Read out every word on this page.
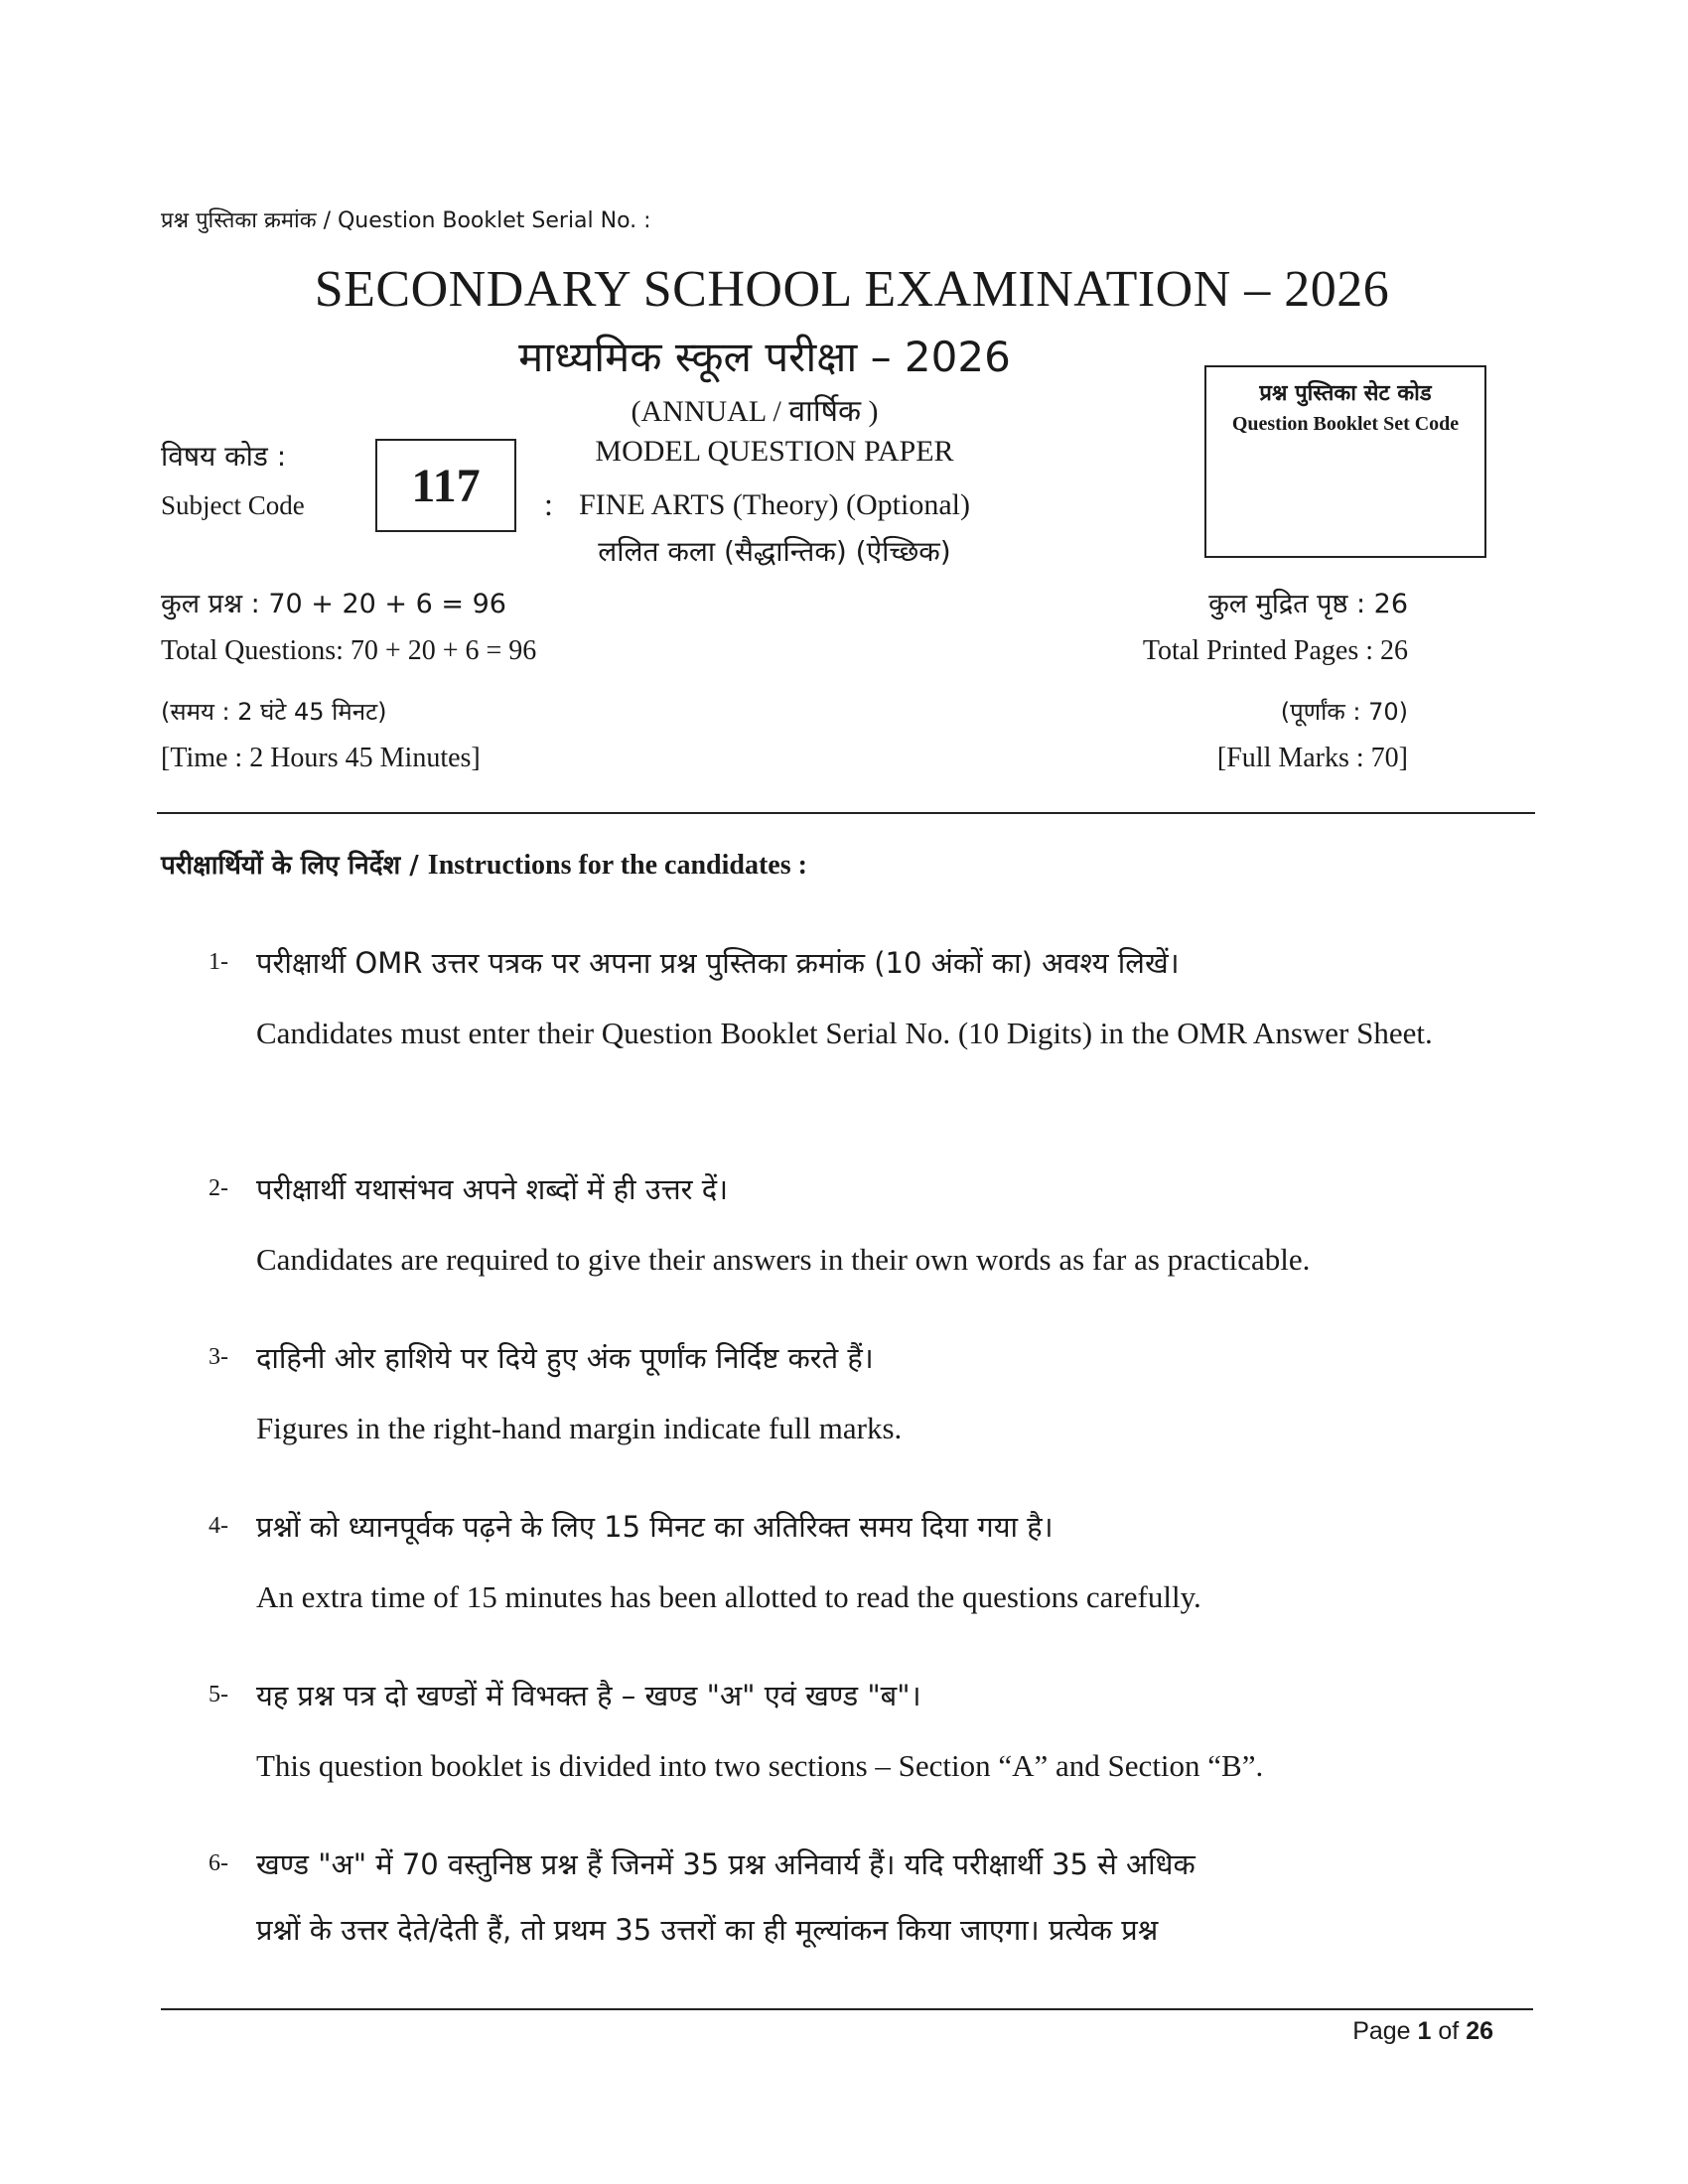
प्रश्न पुस्तिका क्रमांक / Question Booklet Serial No. :
SECONDARY SCHOOL EXAMINATION – 2026
माध्यमिक स्कूल परीक्षा – 2026
(ANNUAL / वार्षिक )
प्रश्न पुस्तिका सेट कोड
Question Booklet Set Code
विषय कोड :
Subject Code	117	:
MODEL QUESTION PAPER
FINE ARTS (Theory) (Optional)
ललित कला (सैद्धान्तिक) (ऐच्छिक)
कुल प्रश्न : 70 + 20 + 6 = 96
Total Questions: 70 + 20 + 6 = 96
(समय : 2 घंटे 45 मिनट)
[Time : 2 Hours 45 Minutes]
कुल मुद्रित पृष्ठ : 26
Total Printed Pages : 26
(पूर्णांक : 70)
[Full Marks : 70]
परीक्षार्थियों के लिए निर्देश / Instructions for the candidates :
1- परीक्षार्थी OMR उत्तर पत्रक पर अपना प्रश्न पुस्तिका क्रमांक (10 अंकों का) अवश्य लिखें।
Candidates must enter their Question Booklet Serial No. (10 Digits) in the OMR Answer Sheet.
2- परीक्षार्थी यथासंभव अपने शब्दों में ही उत्तर दें।
Candidates are required to give their answers in their own words as far as practicable.
3- दाहिनी ओर हाशिये पर दिये हुए अंक पूर्णांक निर्दिष्ट करते हैं।
Figures in the right-hand margin indicate full marks.
4- प्रश्नों को ध्यानपूर्वक पढ़ने के लिए 15 मिनट का अतिरिक्त समय दिया गया है।
An extra time of 15 minutes has been allotted to read the questions carefully.
5- यह प्रश्न पत्र दो खण्डों में विभक्त है – खण्ड "अ" एवं खण्ड "ब"।
This question booklet is divided into two sections – Section “A” and Section “B”.
6- खण्ड "अ" में 70 वस्तुनिष्ठ प्रश्न हैं जिनमें 35 प्रश्न अनिवार्य हैं। यदि परीक्षार्थी 35 से अधिक
प्रश्नों के उत्तर देते/देती हैं, तो प्रथम 35 उत्तरों का ही मूल्यांकन किया जाएगा। प्रत्येक प्रश्न
Page 1 of 26
